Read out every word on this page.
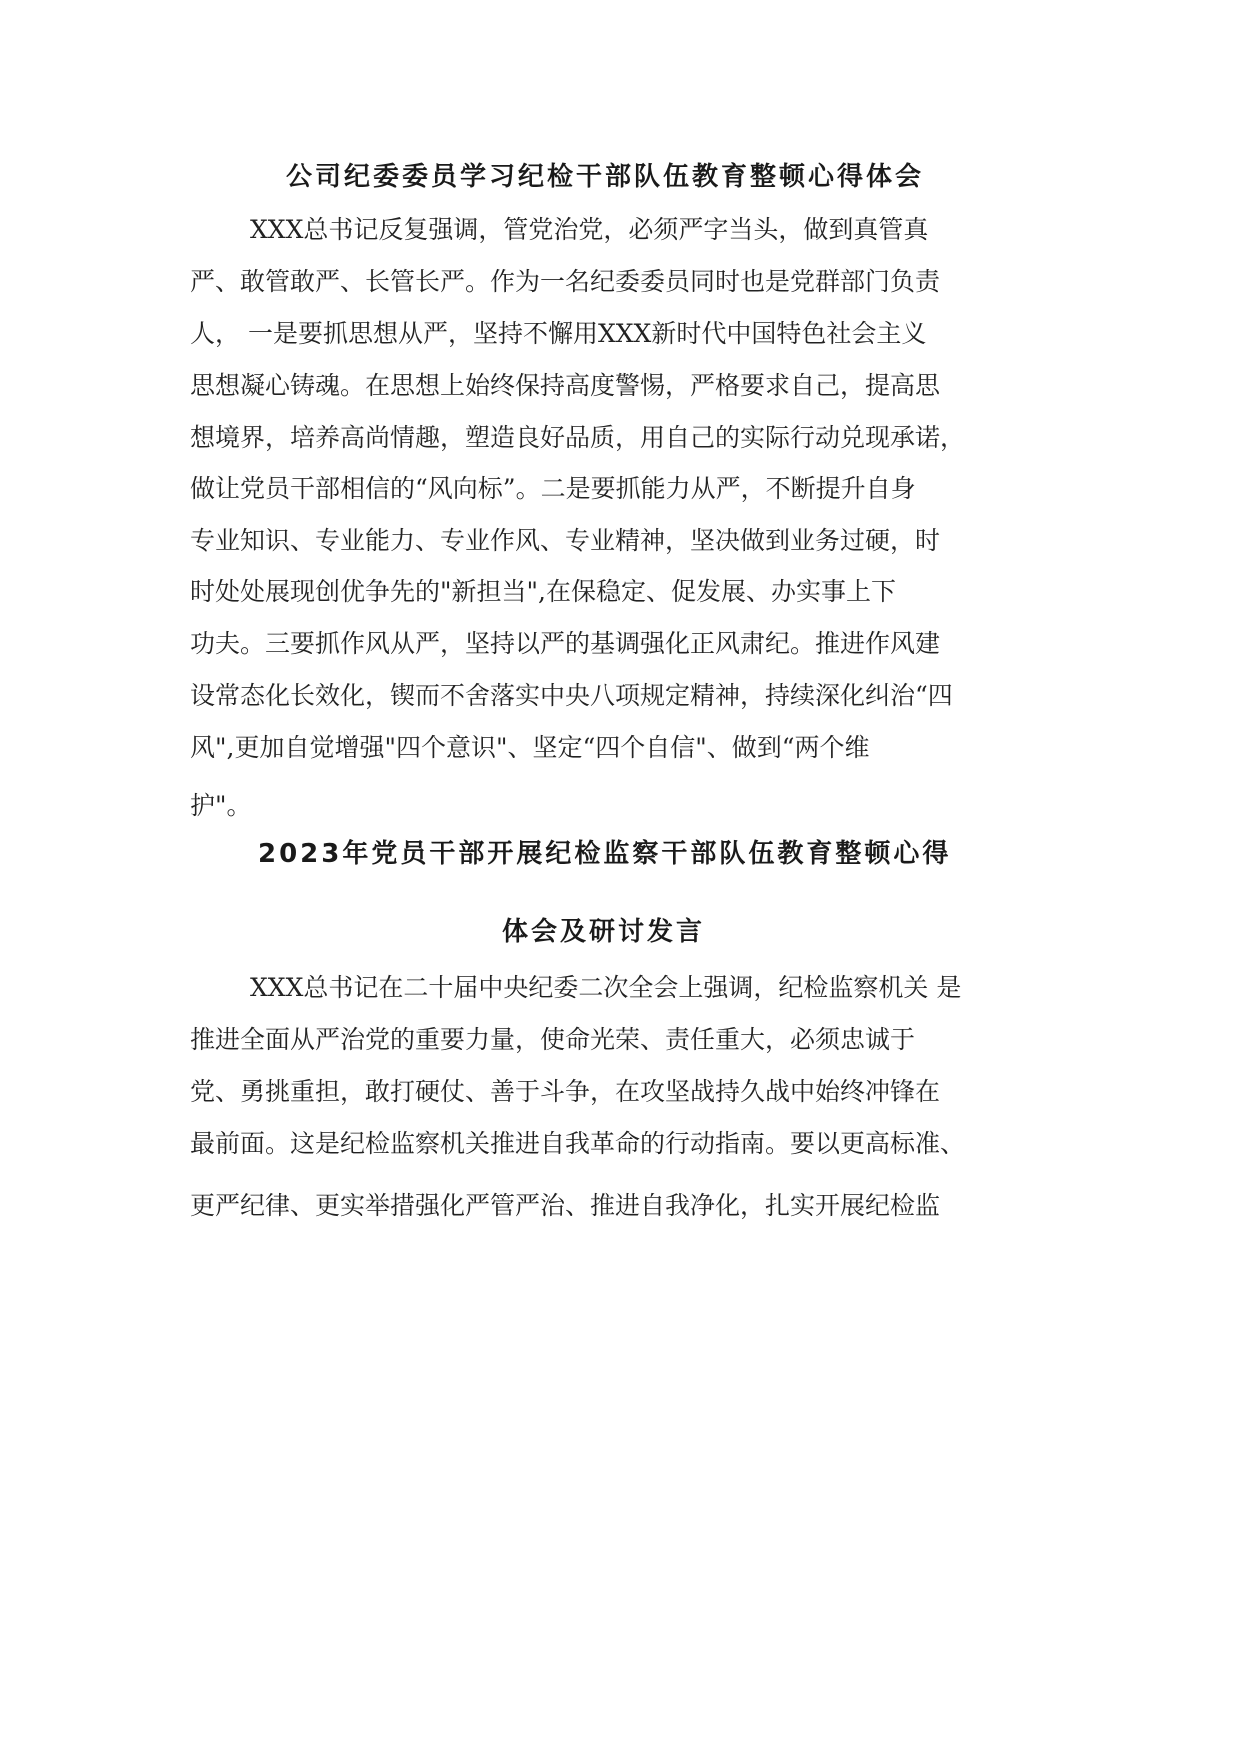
公司纪委委员学习纪检干部队伍教育整顿心得体会
XXX总书记反复强调，管党治党，必须严字当头，做到真管真
严、敢管敢严、长管长严。作为一名纪委委员同时也是党群部门负责
人， 一是要抓思想从严，坚持不懈用XXX新时代中国特色社会主义
思想凝心铸魂。在思想上始终保持高度警惕，严格要求自己，提高思
想境界，培养高尚情趣，塑造良好品质，用自己的实际行动兑现承诺，
做让党员干部相信的“风向标”。二是要抓能力从严，不断提升自身
专业知识、专业能力、专业作风、专业精神，坚决做到业务过硬，时
时处处展现创优争先的"新担当",在保稳定、促发展、办实事上下
功夫。三要抓作风从严，坚持以严的基调强化正风肃纪。推进作风建
设常态化长效化，锲而不舍落实中央八项规定精神，持续深化纠治“四
风",更加自觉增强"四个意识"、坚定“四个自信"、做到“两个维
护"。
2023年党员干部开展纪检监察干部队伍教育整顿心得
体会及研讨发言
XXX总书记在二十届中央纪委二次全会上强调，纪检监察机关 是
推进全面从严治党的重要力量，使命光荣、责任重大，必须忠诚于
党、勇挑重担，敢打硬仗、善于斗争，在攻坚战持久战中始终冲锋在
最前面。这是纪检监察机关推进自我革命的行动指南。要以更高标准、
更严纪律、更实举措强化严管严治、推进自我净化，扎实开展纪检监
